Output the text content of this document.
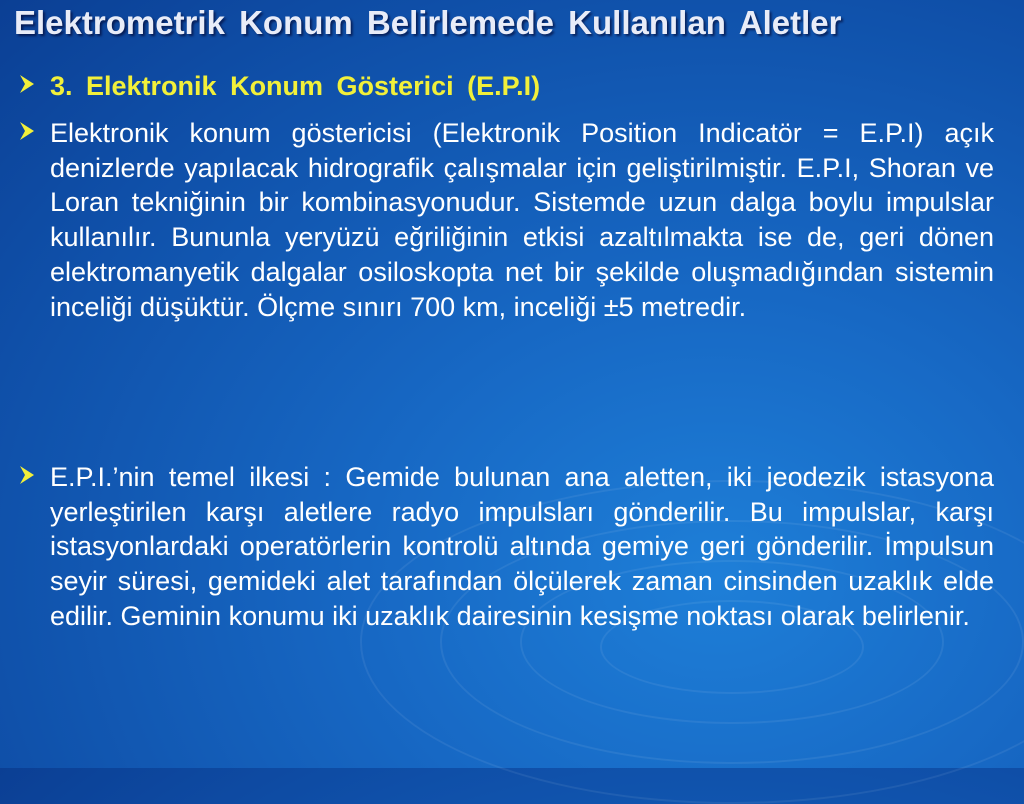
Elektrometrik Konum Belirlemede Kullanılan Aletler
3. Elektronik Konum Gösterici (E.P.I)
Elektronik konum göstericisi (Elektronik Position Indicatör = E.P.I) açık denizlerde yapılacak hidrografik çalışmalar için geliştirilmiştir. E.P.I, Shoran ve Loran tekniğinin bir kombinasyonudur. Sistemde uzun dalga boylu impulslar kullanılır. Bununla yeryüzü eğriliğinin etkisi azaltılmakta ise de, geri dönen elektromanyetik dalgalar osiloskopta net bir şekilde oluşmadığından sistemin inceliği düşüktür. Ölçme sınırı 700 km, inceliği ±5 metredir.
E.P.I.’nin temel ilkesi : Gemide bulunan ana aletten, iki jeodezik istasyona yerleştirilen karşı aletlere radyo impulsları gönderilir. Bu impulslar, karşı istasyonlardaki operatörlerin kontrolü altında gemiye geri gönderilir. İmpulsun seyir süresi, gemideki alet tarafından ölçülerek zaman cinsinden uzaklık elde edilir. Geminin konumu iki uzaklık dairesinin kesişme noktası olarak belirlenir.
